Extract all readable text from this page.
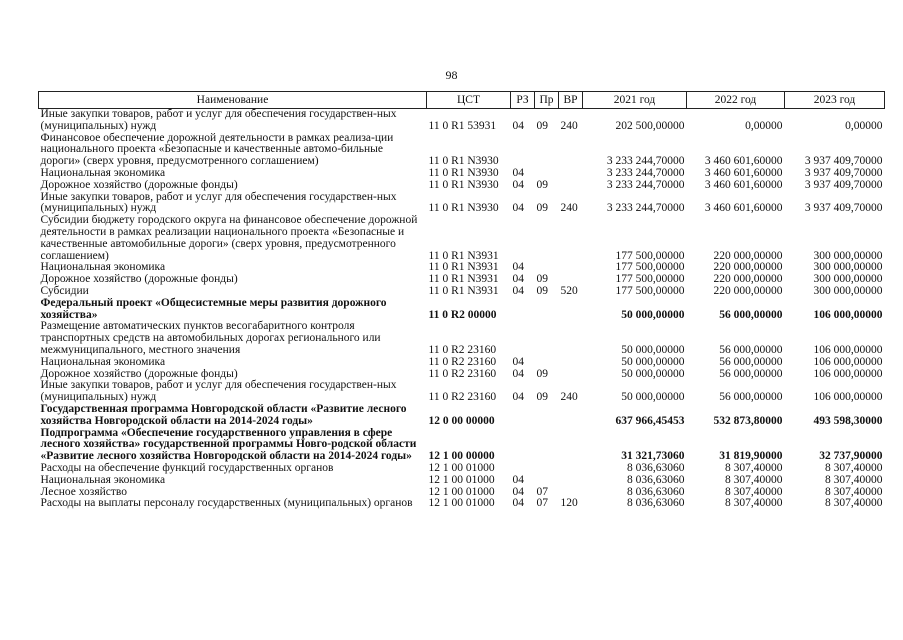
98
Наименование	ЦСТ	РЗ	Пр	ВР	2021 год	2022 год	2023 год
Иные закупки товаров, работ и услуг для обеспечения государствен-ных (муниципальных) нужд	11 0 R1 53931	04	09	240	202 500,00000	0,00000	0,00000
Финансовое обеспечение дорожной деятельности в рамках реализа-ции национального проекта «Безопасные и качественные автомо-бильные дороги» (сверх уровня, предусмотренного соглашением)	11 0 R1 N3930				3 233 244,70000	3 460 601,60000	3 937 409,70000
Национальная экономика	11 0 R1 N3930	04			3 233 244,70000	3 460 601,60000	3 937 409,70000
Дорожное хозяйство (дорожные фонды)	11 0 R1 N3930	04	09		3 233 244,70000	3 460 601,60000	3 937 409,70000
Иные закупки товаров, работ и услуг для обеспечения государствен-ных (муниципальных) нужд	11 0 R1 N3930	04	09	240	3 233 244,70000	3 460 601,60000	3 937 409,70000
Субсидии бюджету городского округа на финансовое обеспечение дорожной деятельности в рамках реализации национального проекта «Безопасные и качественные автомобильные дороги» (сверх уровня, предусмотренного соглашением)	11 0 R1 N3931				177 500,00000	220 000,00000	300 000,00000
Национальная экономика	11 0 R1 N3931	04			177 500,00000	220 000,00000	300 000,00000
Дорожное хозяйство (дорожные фонды)	11 0 R1 N3931	04	09		177 500,00000	220 000,00000	300 000,00000
Субсидии	11 0 R1 N3931	04	09	520	177 500,00000	220 000,00000	300 000,00000
Федеральный проект «Общесистемные меры развития дорожного хозяйства»	11 0 R2 00000				50 000,00000	56 000,00000	106 000,00000
Размещение автоматических пунктов весогабаритного контроля транспортных средств на автомобильных дорогах регионального или межмуниципального, местного значения	11 0 R2 23160				50 000,00000	56 000,00000	106 000,00000
Национальная экономика	11 0 R2 23160	04			50 000,00000	56 000,00000	106 000,00000
Дорожное хозяйство (дорожные фонды)	11 0 R2 23160	04	09		50 000,00000	56 000,00000	106 000,00000
Иные закупки товаров, работ и услуг для обеспечения государствен-ных (муниципальных) нужд	11 0 R2 23160	04	09	240	50 000,00000	56 000,00000	106 000,00000
Государственная программа Новгородской области «Развитие лесного хозяйства Новгородской области на 2014-2024 годы»	12 0 00 00000				637 966,45453	532 873,80000	493 598,30000
Подпрограмма «Обеспечение государственного управления в сфере лесного хозяйства» государственной программы Новго-родской области «Развитие лесного хозяйства Новгородской области на 2014-2024 годы»	12 1 00 00000				31 321,73060	31 819,90000	32 737,90000
Расходы на обеспечение функций государственных органов	12 1 00 01000				8 036,63060	8 307,40000	8 307,40000
Национальная экономика	12 1 00 01000	04			8 036,63060	8 307,40000	8 307,40000
Лесное хозяйство	12 1 00 01000	04	07		8 036,63060	8 307,40000	8 307,40000
Расходы на выплаты персоналу государственных (муниципальных) органов	12 1 00 01000	04	07	120	8 036,63060	8 307,40000	8 307,40000
